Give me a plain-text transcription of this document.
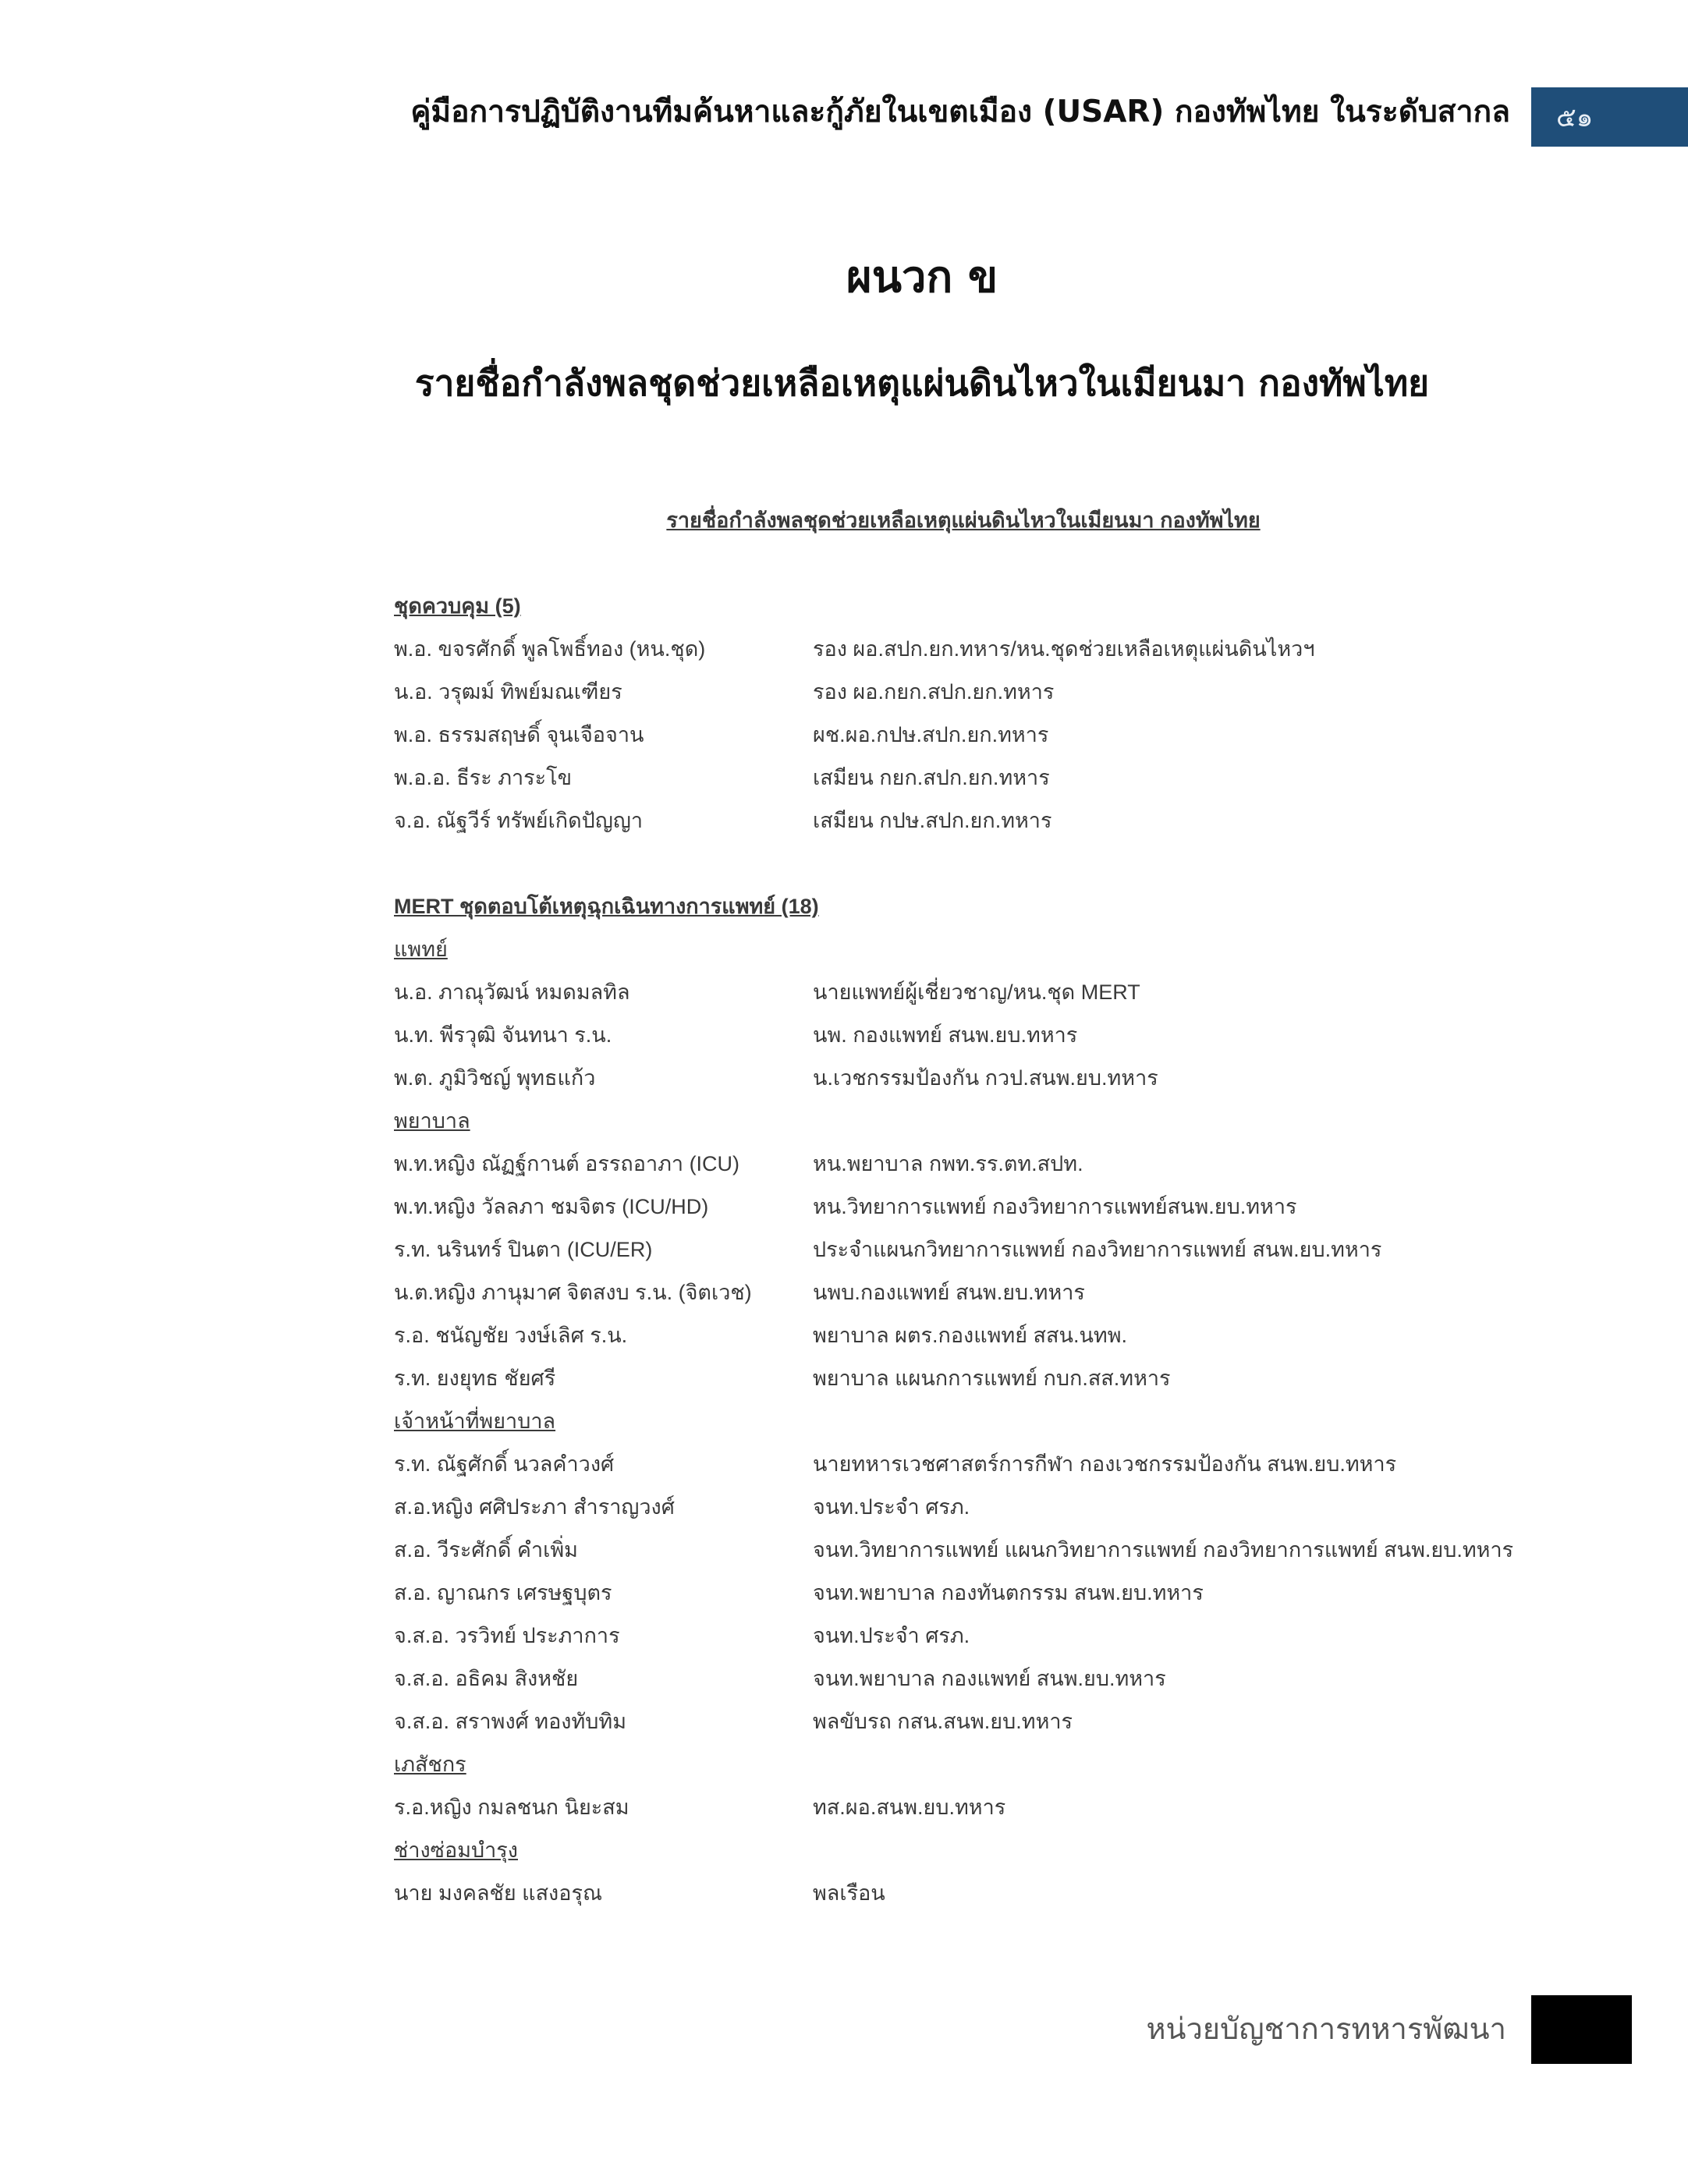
คู่มือการปฏิบัติงานทีมค้นหาและกู้ภัยในเขตเมือง (USAR) กองทัพไทย ในระดับสากล ๕๑
ผนวก ข
รายชื่อกำลังพลชุดช่วยเหลือเหตุแผ่นดินไหวในเมียนมา กองทัพไทย
รายชื่อกำลังพลชุดช่วยเหลือเหตุแผ่นดินไหวในเมียนมา กองทัพไทย
ชุดควบคุม (5)
พ.อ. ขจรศักดิ์ พูลโพธิ์ทอง (หน.ชุด)	รอง ผอ.สปก.ยก.ทหาร/หน.ชุดช่วยเหลือเหตุแผ่นดินไหวฯ
น.อ. วรุฒม์ ทิพย์มณเฑียร	รอง ผอ.กยก.สปก.ยก.ทหาร
พ.อ. ธรรมสฤษดิ์ จุนเจือจาน	ผช.ผอ.กปษ.สปก.ยก.ทหาร
พ.อ.อ. ธีระ ภาระโข	เสมียน กยก.สปก.ยก.ทหาร
จ.อ. ณัฐวีร์ ทรัพย์เกิดปัญญา	เสมียน กปษ.สปก.ยก.ทหาร
MERT ชุดตอบโต้เหตุฉุกเฉินทางการแพทย์ (18)
แพทย์
น.อ. ภาณุวัฒน์ หมดมลทิล	นายแพทย์ผู้เชี่ยวชาญ/หน.ชุด MERT
น.ท. พีรวุฒิ จันทนา ร.น.	นพ. กองแพทย์ สนพ.ยบ.ทหาร
พ.ต. ภูมิวิชญ์ พุทธแก้ว	น.เวชกรรมป้องกัน กวป.สนพ.ยบ.ทหาร
พยาบาล
พ.ท.หญิง ณัฏฐ์กานต์ อรรถอาภา (ICU)	หน.พยาบาล กพท.รร.ตท.สปท.
พ.ท.หญิง วัลลภา ชมจิตร (ICU/HD)	หน.วิทยาการแพทย์ กองวิทยาการแพทย์สนพ.ยบ.ทหาร
ร.ท. นรินทร์ ปินตา (ICU/ER)	ประจำแผนกวิทยาการแพทย์ กองวิทยาการแพทย์ สนพ.ยบ.ทหาร
น.ต.หญิง ภานุมาศ จิตสงบ ร.น. (จิตเวช)	นพบ.กองแพทย์ สนพ.ยบ.ทหาร
ร.อ. ชนัญชัย วงษ์เลิศ ร.น.	พยาบาล ผตร.กองแพทย์ สสน.นทพ.
ร.ท. ยงยุทธ ชัยศรี	พยาบาล แผนกการแพทย์ กบก.สส.ทหาร
เจ้าหน้าที่พยาบาล
ร.ท. ณัฐศักดิ์ นวลคำวงศ์	นายทหารเวชศาสตร์การกีฬา กองเวชกรรมป้องกัน สนพ.ยบ.ทหาร
ส.อ.หญิง ศศิประภา สำราญวงศ์	จนท.ประจำ ศรภ.
ส.อ. วีระศักดิ์ คำเพิ่ม	จนท.วิทยาการแพทย์ แผนกวิทยาการแพทย์ กองวิทยาการแพทย์ สนพ.ยบ.ทหาร
ส.อ. ญาณกร เศรษฐบุตร	จนท.พยาบาล กองทันตกรรม สนพ.ยบ.ทหาร
จ.ส.อ. วรวิทย์ ประภาการ	จนท.ประจำ ศรภ.
จ.ส.อ. อธิคม สิงหชัย	จนท.พยาบาล กองแพทย์ สนพ.ยบ.ทหาร
จ.ส.อ. สราพงศ์ ทองทับทิม	พลขับรถ กสน.สนพ.ยบ.ทหาร
เภสัชกร
ร.อ.หญิง กมลชนก นิยะสม	ทส.ผอ.สนพ.ยบ.ทหาร
ช่างซ่อมบำรุง
นาย มงคลชัย แสงอรุณ	พลเรือน
หน่วยบัญชาการทหารพัฒนา
